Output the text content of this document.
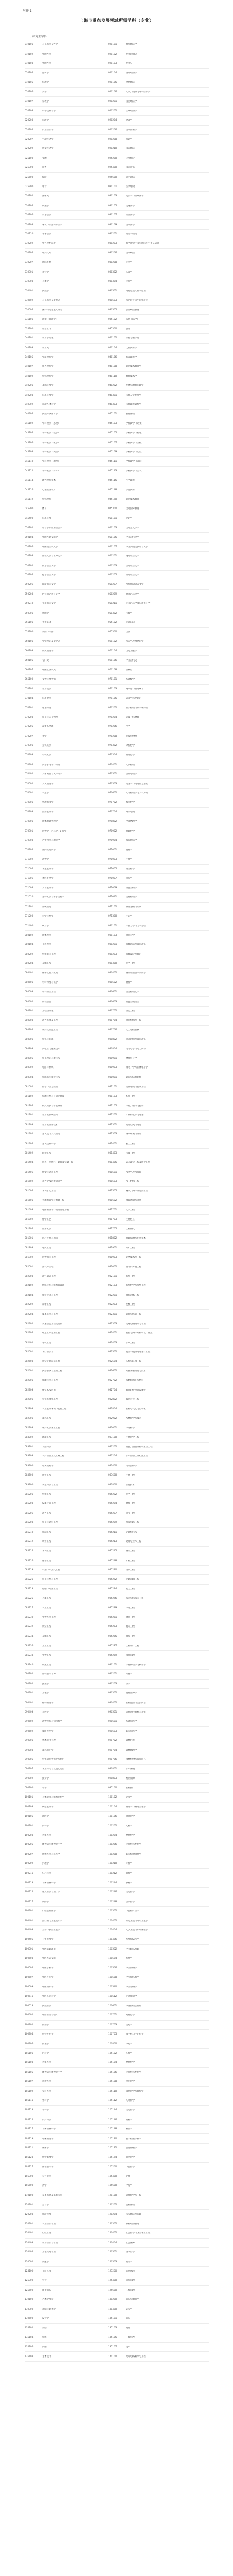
附件 1
上海市重点发展领域所需学科（专业）
一、研究生学科
010101	马克思主义哲学	020101	政治经济学
010102	中国哲学	020102	经济思想史
010103	外国哲学	020103	经济史
010104	逻辑学	020104	西方经济学
010105	伦理学	020105	世界经济
010106	美学	020106	人口、资源与环境经济学
010107	宗教学	020201	国民经济学
010108	科学技术哲学	020202	区域经济学
020203	财政学	020204	金融学
020205	产业经济学	020206	国际贸易学
020207	劳动经济学	020208	统计学
020209	数量经济学	020210	国防经济
025100	金融	025200	应用统计
025300	税务	025400	国际商务
025500	保险	025600	资产评估
025700	审计	030101	法学理论
030102	法律史	030103	宪法学与行政法学
030104	刑法学	030105	民商法学
030106	诉讼法学	030107	经济法学
030108	环境与资源保护法学	030109	国际法学
030110	军事法学	030201	政治学理论
030202	中外政治制度	030203	科学社会主义与国际共产主义运动
030204	中共党史	030206	国际政治
030207	国际关系	030208	外交学
030301	社会学	030302	人口学
030303	人类学	030304	民俗学
030401	民族学	030501	马克思主义基本原理
030502	马克思主义发展史	030503	马克思主义中国化研究
030504	国外马克思主义研究	030505	思想政治教育
035101	法律（非法学）	035102	法律（法学）
035200	社会工作	035300	警务
040101	教育学原理	040102	课程与教学论
040103	教育史	040104	比较教育学
040105	学前教育学	040106	高等教育学
040107	成人教育学	040108	职业技术教育学
040109	特殊教育学	040110	教育技术学
040201	基础心理学	040202	发展与教育心理学
040203	应用心理学	040301	体育人文社会学
040302	运动人体科学	040303	体育教育训练学
040304	民族传统体育学	045101	教育管理
045102	学科教学（思政）	045103	学科教学（语文）
045104	学科教学（数学）	045105	学科教学（物理）
045106	学科教学（化学）	045107	学科教学（生物）
045108	学科教学（英语）	045109	学科教学（历史）
045110	学科教学（地理）	045111	学科教学（音乐）
045112	学科教学（体育）	045113	学科教学（美术）
045114	现代教育技术	045115	小学教育
045116	心理健康教育	045118	学前教育
045119	特殊教育	045120	职业技术教育
045200	体育	045300	汉语国际教育
045400	应用心理	050101	文艺学
050102	语言学及应用语言学	050103	汉语言文字学
050104	中国古典文献学	050105	中国古代文学
050106	中国现当代文学	050107	中国少数民族语言文学
050108	比较文学与世界文学	050201	英语语言文学
050202	俄语语言文学	050203	法语语言文学
050204	德语语言文学	050205	日语语言文学
050206	印度语言文学	050207	西班牙语语言文学
050208	阿拉伯语语言文学	050209	欧洲语言文学
050210	亚非语言文学	050211	外国语言学及应用语言学
050301	新闻学	050302	传播学
055101	英语笔译	055102	英语口译
055200	新闻与传播	055300	出版
060101	史学理论及史学史	060102	考古学及博物馆学
060103	历史地理学	060104	历史文献学
060105	专门史	060106	中国古代史
060107	中国近现代史	060108	世界史
065100	文物与博物馆	070101	基础数学
070102	计算数学	070103	概率论与数理统计
070104	应用数学	070105	运筹学与控制论
070201	理论物理	070202	粒子物理与原子核物理
070203	原子与分子物理	070204	等离子体物理
070205	凝聚态物理	070206	声学
070207	光学	070208	无线电物理
070301	无机化学	070302	分析化学
070303	有机化学	070304	物理化学
070305	高分子化学与物理	070401	天体物理
070402	天体测量与天体力学	070501	自然地理学
070502	人文地理学	070503	地图学与地理信息系统
070601	气象学	070602	大气物理学与大气环境
070701	物理海洋学	070702	海洋化学
070703	海洋生物学	070704	海洋地质
070801	固体地球物理学	070802	空间物理学
070901	矿物学、岩石学、矿床学	070902	地球化学
070903	古生物学与地层学	070904	构造地质学
070905	第四纪地质学	071001	植物学
071002	动物学	071003	生理学
071004	水生生物学	071005	微生物学
071006	神经生物学	071007	遗传学
071008	发育生物学	071009	细胞生物学
071010	生物化学与分子生物学	071011	生物物理学
071101	系统理论	071102	系统分析与集成
071200	科学技术史	071300	生态学
071400	统计学	080101	一般力学与力学基础
080102	固体力学	080103	流体力学
080104	工程力学	080201	机械制造及其自动化
080202	机械电子工程	080203	机械设计及理论
080204	车辆工程	080300	光学工程
080401	精密仪器及机械	080402	测试计量技术及仪器
080501	材料物理与化学	080502	材料学
080503	材料加工工程	080601	冶金物理化学
080602	钢铁冶金	080603	有色金属冶金
080701	工程热物理	080702	热能工程
080703	动力机械及工程	080704	流体机械及工程
080705	制冷及低温工程	080706	化工过程机械
080801	电机与电器	080802	电力系统及其自动化
080803	高电压与绝缘技术	080804	电力电子与电力传动
080805	电工理论与新技术	080901	物理电子学
080902	电路与系统	080903	微电子学与固体电子学
080904	电磁场与微波技术	081001	通信与信息系统
081002	信号与信息处理	081101	控制理论与控制工程
081102	检测技术与自动化装置	081103	系统工程
081104	模式识别与智能系统	081105	导航、制导与控制
081201	计算机系统结构	081202	计算机软件与理论
081203	计算机应用技术	081301	建筑历史与理论
081302	建筑设计及其理论	081303	城市规划与设计
081304	建筑技术科学	081401	岩土工程
081402	结构工程	081403	市政工程
081404	供热、供燃气、通风及空调工程	081405	防灾减灾工程及防护工程
081406	桥梁与隧道工程	081501	水文学及水资源
081502	水力学及河流动力学	081503	水工结构工程
081504	水利水电工程	081505	港口、海岸及近海工程
081601	大地测量学与测量工程	081602	摄影测量与遥感
081603	地图制图学与地理信息工程	081701	化学工程
081702	化学工艺	081703	生物化工
081704	应用化学	081705	工业催化
081801	矿产普查与勘探	081802	地球探测与信息技术
081803	地质工程	081901	采矿工程
081902	矿物加工工程	081903	安全技术及工程
082001	油气井工程	082002	油气田开发工程
082003	油气储运工程	082101	纺织工程
082102	纺织材料与纺织品设计	082103	纺织化学与染整工程
082104	服装设计与工程	082201	制浆造纸工程
082202	制糖工程	082203	发酵工程
082204	皮革化学与工程	082301	道路与铁道工程
082302	交通信息工程及控制	082303	交通运输规划与管理
082304	载运工具运用工程	082401	船舶与海洋结构物设计制造
082402	轮机工程	082403	水声工程
082501	飞行器设计	082502	航空宇航推进理论与工程
082503	航空宇航制造工程	082504	人机与环境工程
082601	武器系统与运用工程	082602	兵器发射理论与技术
082701	核能科学与工程	082702	核燃料循环与材料
082703	核技术及应用	082704	辐射防护及环境保护
082801	农业机械化工程	082802	农业水土工程
082803	农业生物环境与能源工程	082804	农业电气化与自动化
082901	森林工程	082902	木材科学与技术
082903	林产化学加工工程	083001	环境科学
083002	环境工程	083100	生物医学工程
083201	食品科学	083202	粮食、油脂及植物蛋白工程
083203	农产品加工及贮藏工程	083204	水产品加工及贮藏工程
083300	城乡规划学	083400	风景园林学
083500	软件工程	083600	生物工程
083700	安全科学与工程	083800	公安技术
085201	机械工程	085202	光学工程
085203	仪器仪表工程	085204	材料工程
085206	动力工程	085207	电气工程
085208	电子与通信工程	085209	集成电路工程
085210	控制工程	085211	计算机技术
085212	软件工程	085213	建筑与土木工程
085214	水利工程	085215	测绘工程
085216	化学工程	085218	矿业工程
085219	石油与天然气工程	085220	纺织工程
085221	轻工技术与工程	085222	交通运输工程
085223	船舶与海洋工程	085224	安全工程
085225	兵器工程	085226	核能与核技术工程
085227	农业工程	085229	环境工程
085230	生物医学工程	085231	食品工程
085232	航空工程	085233	航天工程
085234	车辆工程	085235	制药工程
085236	工业工程	085237	工业设计工程
085238	生物工程	085239	项目管理
085240	物流工程	090101	作物栽培学与耕作学
090102	作物遗传育种	090201	果树学
090202	蔬菜学	090203	茶学
090301	土壤学	090302	植物营养学
090401	植物病理学	090402	农业昆虫与害虫防治
090403	农药学	090501	动物遗传育种与繁殖
090502	动物营养与饲料科学	090601	基础兽医学
090602	预防兽医学	090603	临床兽医学
090701	林木遗传育种	090702	森林培育
090703	森林保护学	090704	森林经理学
090705	野生动植物保护与利用	090706	园林植物与观赏园艺
090707	水土保持与荒漠化防治	090801	水产养殖
090802	捕捞学	090803	渔业资源
090900	草学	095100	农业推广
100101	人体解剖与组织胚胎学	100102	免疫学
100103	病原生物学	100104	病理学与病理生理学
100105	法医学	100106	放射医学
100201	内科学	100202	儿科学
100203	老年医学	100204	神经病学
100205	精神病与精神卫生学	100206	皮肤病与性病学
100207	影像医学与核医学	100208	临床检验诊断学
100209	护理学	100210	外科学
100211	妇产科学	100212	眼科学
100213	耳鼻咽喉科学	100214	肿瘤学
100215	康复医学与理疗学	100216	运动医学
100217	麻醉学	100218	急诊医学
100301	口腔基础医学	100302	口腔临床医学
100401	流行病与卫生统计学	100402	劳动卫生与环境卫生学
100403	营养与食品卫生学	100404	儿少卫生与妇幼保健学
100405	卫生毒理学	100406	军事预防医学
100501	中医基础理论	100502	中医临床基础
100503	中医医史文献	100504	方剂学
100505	中医诊断学	100506	中医内科学
100507	中医外科学	100508	中医骨伤科学
100509	中医妇科学	100510	中医儿科学
100511	中医五官科学	100512	针灸推拿学
100513	民族医学	100601	中西医结合基础
100602	中西医结合临床	100701	药物化学
100702	药剂学	100703	生药学
100704	药物分析学	100705	微生物与生化药学
100706	药理学	100800	中药学
105101	内科学	105102	儿科学
105103	老年医学	105104	神经病学
105105	精神病与精神卫生学	105106	皮肤病与性病学
105107	急诊医学	105108	重症医学
105109	全科医学	105110	康复医学与理疗学
105111	外科学	105112	儿外科学
105113	骨科学	105114	运动医学
105115	妇产科学	105116	眼科学
105117	耳鼻咽喉科学	105118	麻醉学
105119	临床病理学	105120	临床检验诊断学
105121	肿瘤学	105122	放射肿瘤学
105123	放射影像学	105124	超声医学
105127	医学遗传学	105200	口腔医学
105300	公共卫生	105400	护理
105500	药学	105600	中药学
110100	军事思想及军事历史	120100	管理科学与工程
120201	会计学	120202	企业管理
120203	旅游管理	120204	技术经济及管理
120301	农业经济管理	120302	林业经济管理
120401	行政管理	120402	社会医学与卫生事业管理
120403	教育经济与管理	120404	社会保障
120405	土地资源管理	120501	图书馆学
120502	情报学	120503	档案学
125100	工商管理	125200	公共管理
125300	会计	125400	旅游管理
125500	图书情报	125600	工程管理
130100	艺术学理论	130200	音乐与舞蹈学
130300	戏剧与影视学	130400	美术学
130500	设计学	135101	音乐
135102	戏剧	135103	戏曲
135104	电影	135105	广播电视
135106	舞蹈	135107	美术
135108	艺术设计	140100	集成电路科学与工程
